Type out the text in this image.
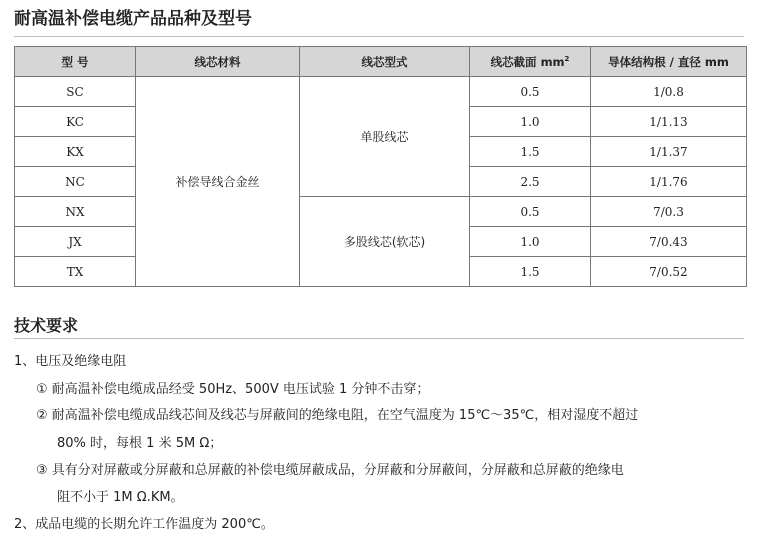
耐高温补偿电缆产品品种及型号
型 号	线芯材料	线芯型式	线芯截面 $mm^2$	导体结构根 / 直径 mm
SC	补偿导线合金丝	单股线芯	0.5	1/0.8
KC			1.0	1/1.13
KX			1.5	1/1.37
NC			2.5	1/1.76
NX		多股线芯(软芯)	0.5	7/0.3
JX			1.0	7/0.43
TX			1.5	7/0.52
技术要求
1、电压及绝缘电阻
① 耐高温补偿电缆成品经受 50Hz、500V 电压试验 1 分钟不击穿；
② 耐高温补偿电缆成品线芯间及线芯与屏蔽间的绝缘电阻，在空气温度为 15℃～35℃，相对湿度不超过
80% 时，每根 1 米 5M Ω；
③ 具有分对屏蔽或分屏蔽和总屏蔽的补偿电缆屏蔽成品，分屏蔽和分屏蔽间，分屏蔽和总屏蔽的绝缘电
阻不小于 1M Ω.KM。
2、成品电缆的长期允许工作温度为 200℃。
